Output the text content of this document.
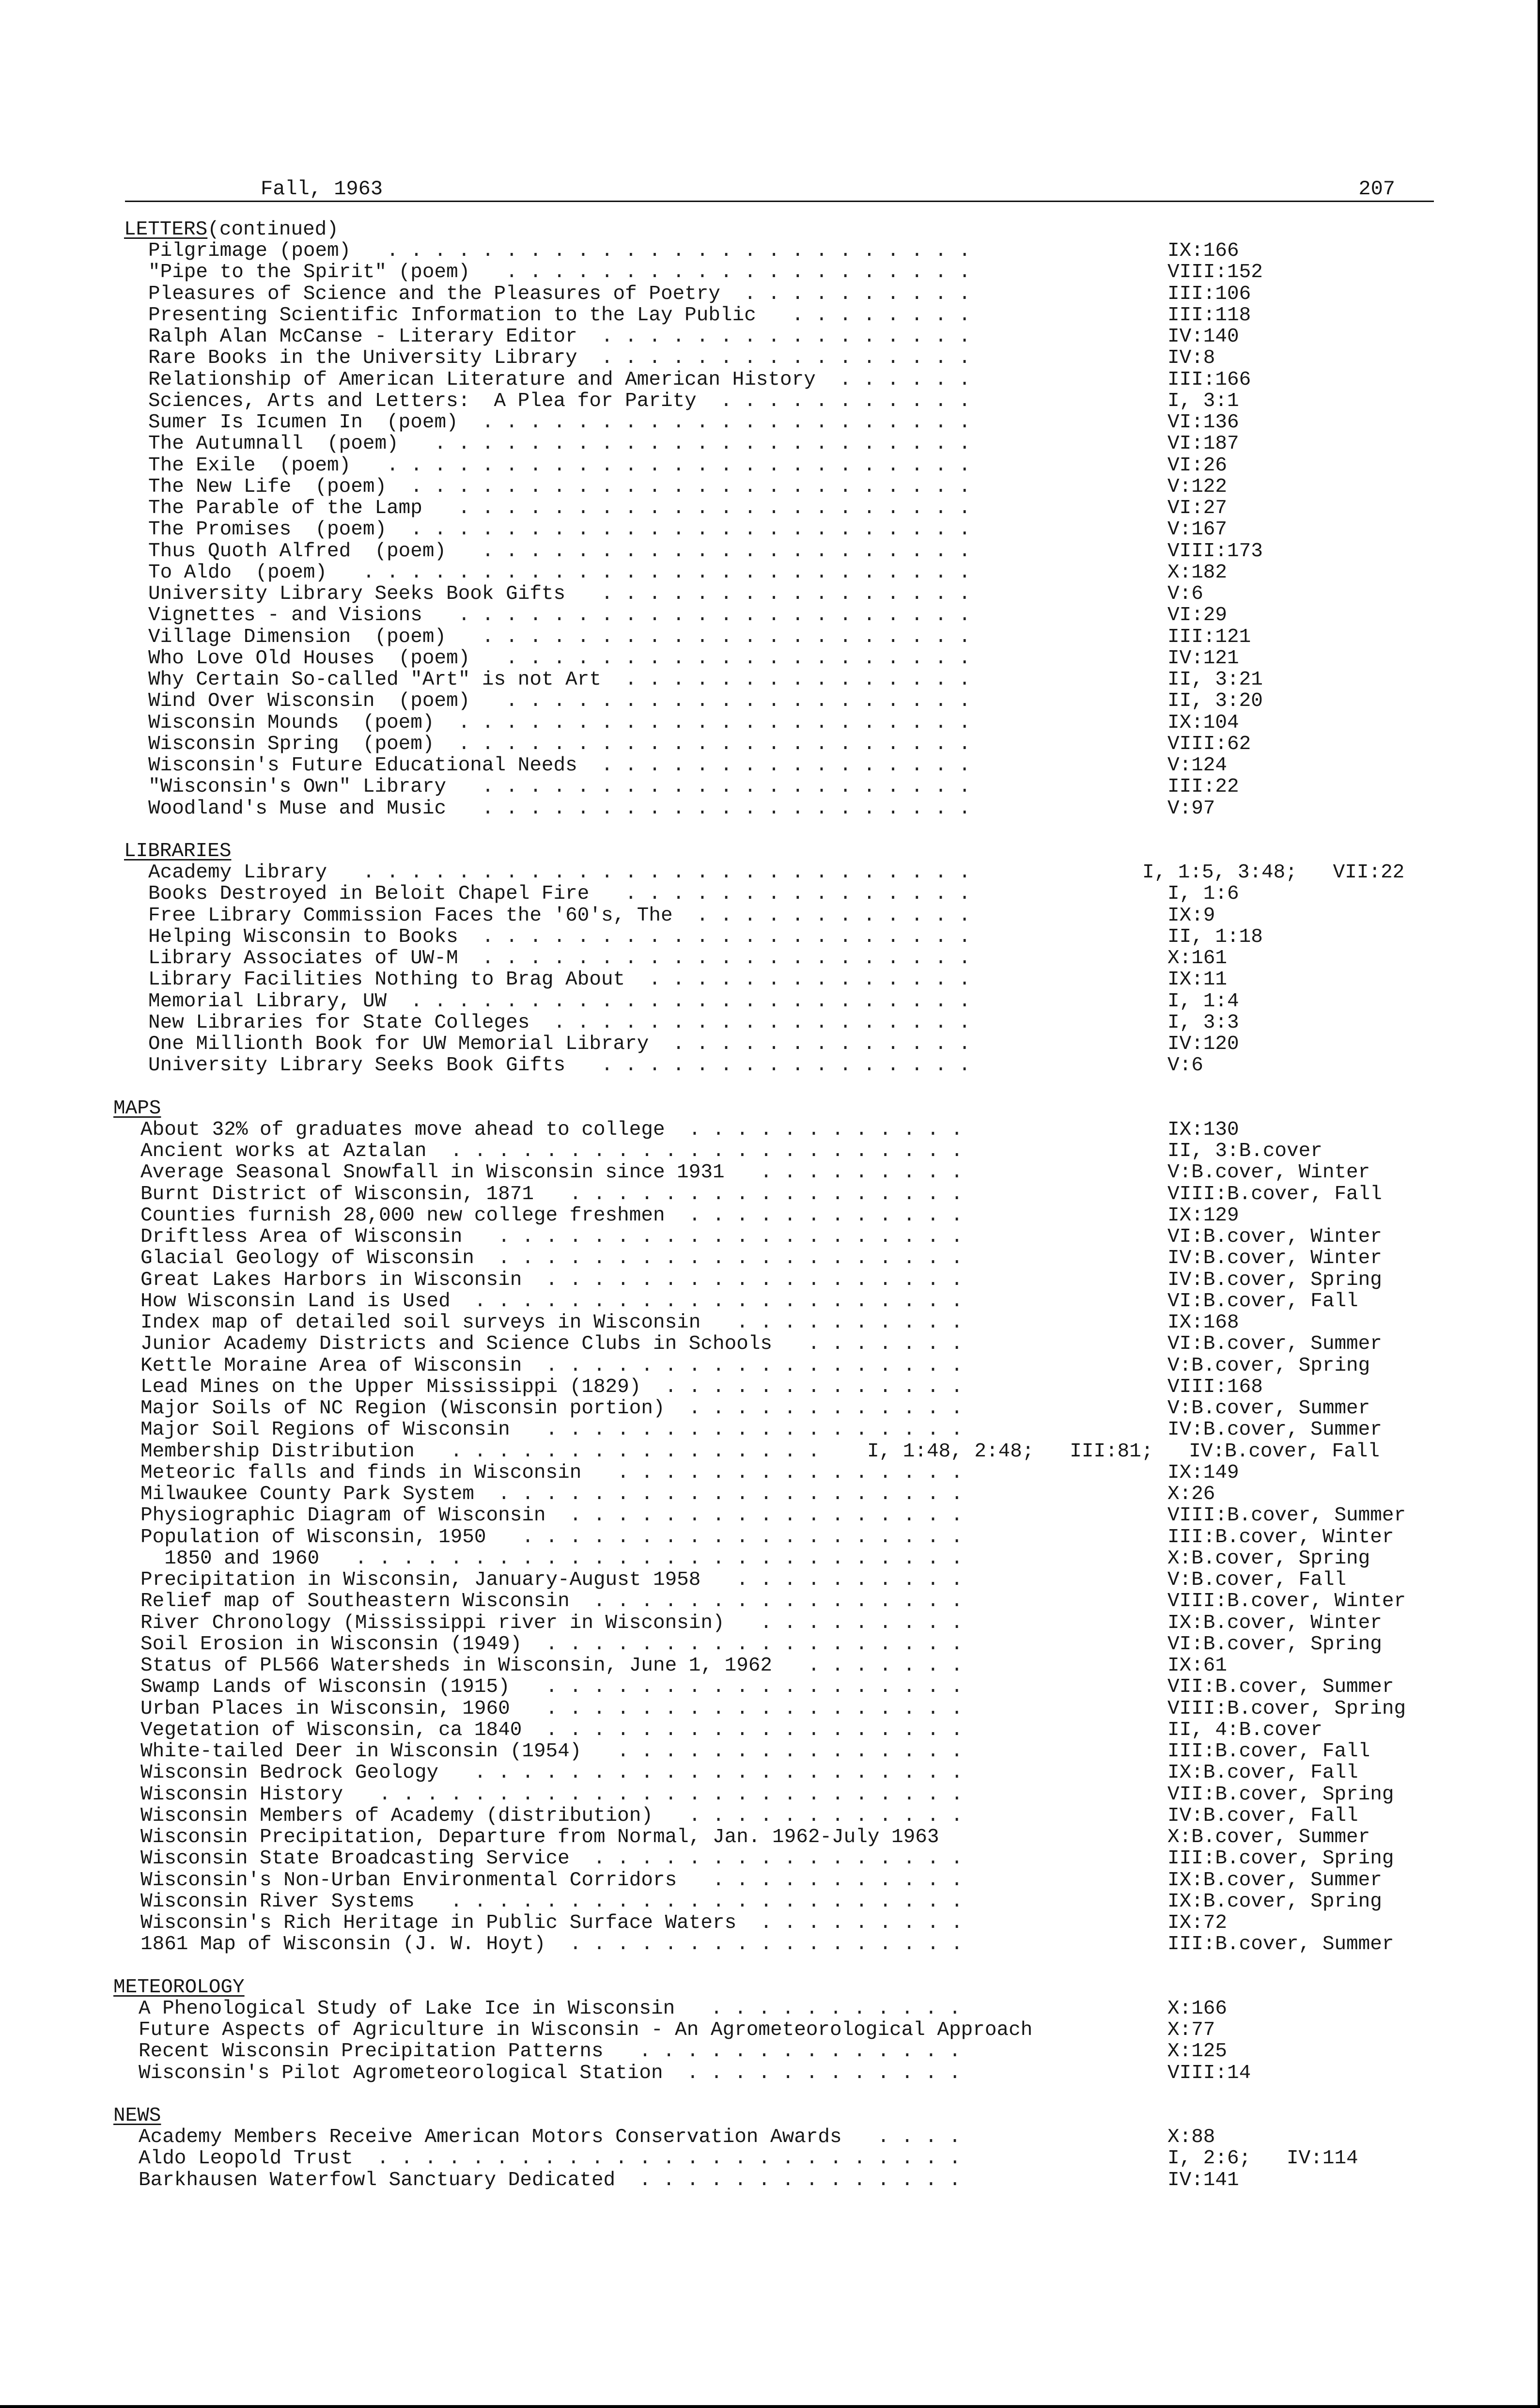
Fall, 1963	207
LETTERS(continued)
Pilgrimage (poem) . . . . . . . . . . . . . . . . . . . . . . . . .	IX:166
"Pipe to the Spirit" (poem) . . . . . . . . . . . . . . . . . . . .	VIII:152
Pleasures of Science and the Pleasures of Poetry . . . . . . . . . .	III:106
Presenting Scientific Information to the Lay Public . . . . . . . .	III:118
Ralph Alan McCanse - Literary Editor . . . . . . . . . . . . . . . .	IV:140
Rare Books in the University Library . . . . . . . . . . . . . . . .	IV:8
Relationship of American Literature and American History . . . . . .	III:166
Sciences, Arts and Letters:  A Plea for Parity . . . . . . . . . . .	I, 3:1
Sumer Is Icumen In  (poem) . . . . . . . . . . . . . . . . . . . . .	VI:136
The Autumnall  (poem) . . . . . . . . . . . . . . . . . . . . . . .	VI:187
The Exile  (poem) . . . . . . . . . . . . . . . . . . . . . . . . .	VI:26
The New Life  (poem) . . . . . . . . . . . . . . . . . . . . . . . .	V:122
The Parable of the Lamp . . . . . . . . . . . . . . . . . . . . . .	VI:27
The Promises  (poem) . . . . . . . . . . . . . . . . . . . . . . . .	V:167
Thus Quoth Alfred  (poem) . . . . . . . . . . . . . . . . . . . . .	VIII:173
To Aldo  (poem) . . . . . . . . . . . . . . . . . . . . . . . . . .	X:182
University Library Seeks Book Gifts . . . . . . . . . . . . . . . .	V:6
Vignettes - and Visions . . . . . . . . . . . . . . . . . . . . . .	VI:29
Village Dimension  (poem) . . . . . . . . . . . . . . . . . . . . .	III:121
Who Love Old Houses  (poem) . . . . . . . . . . . . . . . . . . . .	IV:121
Why Certain So-called "Art" is not Art . . . . . . . . . . . . . . .	II, 3:21
Wind Over Wisconsin  (poem) . . . . . . . . . . . . . . . . . . . .	II, 3:20
Wisconsin Mounds  (poem) . . . . . . . . . . . . . . . . . . . . . .	IX:104
Wisconsin Spring  (poem) . . . . . . . . . . . . . . . . . . . . . .	VIII:62
Wisconsin's Future Educational Needs . . . . . . . . . . . . . . . .	V:124
"Wisconsin's Own" Library . . . . . . . . . . . . . . . . . . . . .	III:22
Woodland's Muse and Music . . . . . . . . . . . . . . . . . . . . .	V:97
LIBRARIES
Academy Library . . . . . . . . . . . . . . . . . . . . . . . . . .	I, 1:5, 3:48;   VII:22
Books Destroyed in Beloit Chapel Fire . . . . . . . . . . . . . . .	I, 1:6
Free Library Commission Faces the '60's, The . . . . . . . . . . . .	IX:9
Helping Wisconsin to Books . . . . . . . . . . . . . . . . . . . . .	II, 1:18
Library Associates of UW-M . . . . . . . . . . . . . . . . . . . . .	X:161
Library Facilities Nothing to Brag About . . . . . . . . . . . . . .	IX:11
Memorial Library, UW . . . . . . . . . . . . . . . . . . . . . . . .	I, 1:4
New Libraries for State Colleges . . . . . . . . . . . . . . . . . .	I, 3:3
One Millionth Book for UW Memorial Library . . . . . . . . . . . . .	IV:120
University Library Seeks Book Gifts . . . . . . . . . . . . . . . .	V:6
MAPS
About 32% of graduates move ahead to college . . . . . . . . . . . .	IX:130
Ancient works at Aztalan . . . . . . . . . . . . . . . . . . . . . .	II, 3:B.cover
Average Seasonal Snowfall in Wisconsin since 1931 . . . . . . . . .	V:B.cover, Winter
Burnt District of Wisconsin, 1871 . . . . . . . . . . . . . . . . .	VIII:B.cover, Fall
Counties furnish 28,000 new college freshmen . . . . . . . . . . . .	IX:129
Driftless Area of Wisconsin . . . . . . . . . . . . . . . . . . . .	VI:B.cover, Winter
Glacial Geology of Wisconsin . . . . . . . . . . . . . . . . . . . .	IV:B.cover, Winter
Great Lakes Harbors in Wisconsin . . . . . . . . . . . . . . . . . .	IV:B.cover, Spring
How Wisconsin Land is Used . . . . . . . . . . . . . . . . . . . . .	VI:B.cover, Fall
Index map of detailed soil surveys in Wisconsin . . . . . . . . . .	IX:168
Junior Academy Districts and Science Clubs in Schools . . . . . . .	VI:B.cover, Summer
Kettle Moraine Area of Wisconsin . . . . . . . . . . . . . . . . . .	V:B.cover, Spring
Lead Mines on the Upper Mississippi (1829) . . . . . . . . . . . . .	VIII:168
Major Soils of NC Region (Wisconsin portion) . . . . . . . . . . . .	V:B.cover, Summer
Major Soil Regions of Wisconsin . . . . . . . . . . . . . . . . . .	IV:B.cover, Summer
Membership Distribution . . . . . . . . . . . . . . . .	I, 1:48, 2:48;   III:81;   IV:B.cover, Fall
Meteoric falls and finds in Wisconsin . . . . . . . . . . . . . . .	IX:149
Milwaukee County Park System . . . . . . . . . . . . . . . . . . . .	X:26
Physiographic Diagram of Wisconsin . . . . . . . . . . . . . . . . .	VIII:B.cover, Summer
Population of Wisconsin, 1950 . . . . . . . . . . . . . . . . . . .	III:B.cover, Winter
1850 and 1960 . . . . . . . . . . . . . . . . . . . . . . . . . .	X:B.cover, Spring
Precipitation in Wisconsin, January-August 1958 . . . . . . . . . .	V:B.cover, Fall
Relief map of Southeastern Wisconsin . . . . . . . . . . . . . . . .	VIII:B.cover, Winter
River Chronology (Mississippi river in Wisconsin) . . . . . . . . .	IX:B.cover, Winter
Soil Erosion in Wisconsin (1949) . . . . . . . . . . . . . . . . . .	VI:B.cover, Spring
Status of PL566 Watersheds in Wisconsin, June 1, 1962 . . . . . . .	IX:61
Swamp Lands of Wisconsin (1915) . . . . . . . . . . . . . . . . . .	VII:B.cover, Summer
Urban Places in Wisconsin, 1960 . . . . . . . . . . . . . . . . . .	VIII:B.cover, Spring
Vegetation of Wisconsin, ca 1840 . . . . . . . . . . . . . . . . . .	II, 4:B.cover
White-tailed Deer in Wisconsin (1954) . . . . . . . . . . . . . . .	III:B.cover, Fall
Wisconsin Bedrock Geology . . . . . . . . . . . . . . . . . . . . .	IX:B.cover, Fall
Wisconsin History . . . . . . . . . . . . . . . . . . . . . . . . .	VII:B.cover, Spring
Wisconsin Members of Academy (distribution) . . . . . . . . . . . .	IV:B.cover, Fall
Wisconsin Precipitation, Departure from Normal, Jan. 1962-July 1963	X:B.cover, Summer
Wisconsin State Broadcasting Service . . . . . . . . . . . . . . . .	III:B.cover, Spring
Wisconsin's Non-Urban Environmental Corridors . . . . . . . . . . .	IX:B.cover, Summer
Wisconsin River Systems . . . . . . . . . . . . . . . . . . . . . .	IX:B.cover, Spring
Wisconsin's Rich Heritage in Public Surface Waters . . . . . . . . .	IX:72
1861 Map of Wisconsin (J. W. Hoyt) . . . . . . . . . . . . . . . . .	III:B.cover, Summer
METEOROLOGY
A Phenological Study of Lake Ice in Wisconsin . . . . . . . . . . .	X:166
Future Aspects of Agriculture in Wisconsin - An Agrometeorological Approach	X:77
Recent Wisconsin Precipitation Patterns . . . . . . . . . . . . . .	X:125
Wisconsin's Pilot Agrometeorological Station . . . . . . . . . . . .	VIII:14
NEWS
Academy Members Receive American Motors Conservation Awards . . . .	X:88
Aldo Leopold Trust . . . . . . . . . . . . . . . . . . . . . . . . .	I, 2:6;   IV:114
Barkhausen Waterfowl Sanctuary Dedicated . . . . . . . . . . . . . .	IV:141
